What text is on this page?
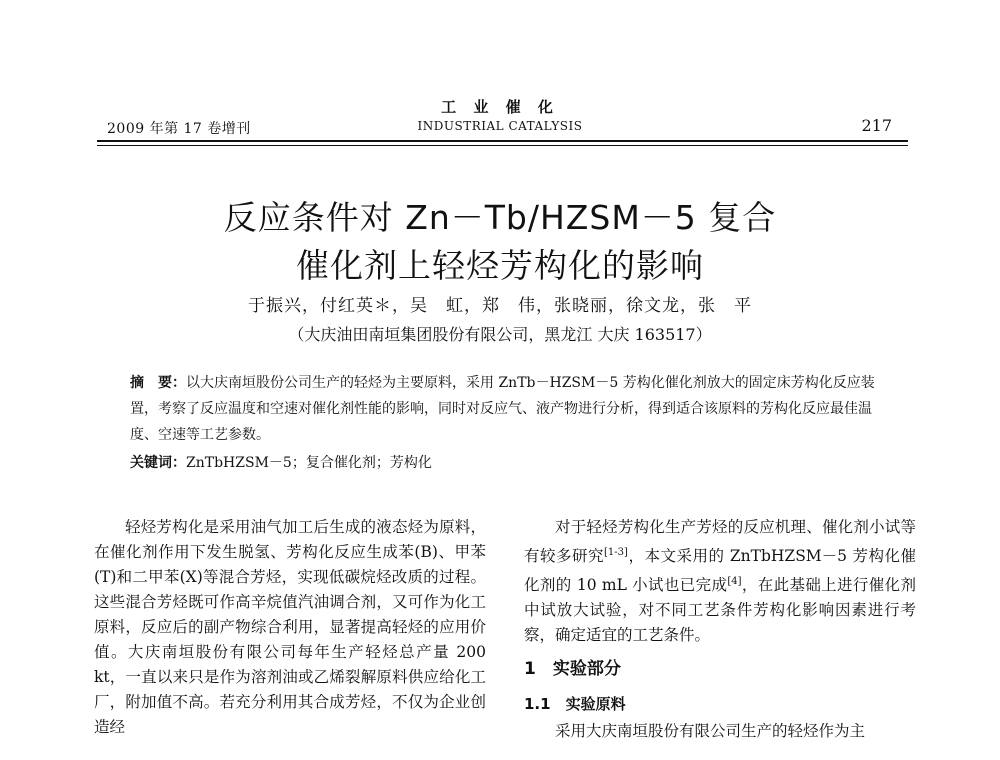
2009 年第 17 卷增刊
工 业 催 化
INDUSTRIAL CATALYSIS	217
反应条件对 Zn－Tb/HZSM－5 复合
催化剂上轻烃芳构化的影响
于振兴，付红英＊，吴　虹，郑　伟，张晓丽，徐文龙，张　平
（大庆油田南垣集团股份有限公司，黑龙江 大庆 163517）
摘　要：以大庆南垣股份公司生产的轻烃为主要原料，采用 ZnTb－HZSM－5 芳构化催化剂放大的固定床芳构化反应装置，考察了反应温度和空速对催化剂性能的影响，同时对反应气、液产物进行分析，得到适合该原料的芳构化反应最佳温度、空速等工艺参数。
关键词：ZnTbHZSM－5；复合催化剂；芳构化

轻烃芳构化是采用油气加工后生成的液态烃为原料，在催化剂作用下发生脱氢、芳构化反应生成苯(B)、甲苯(T)和二甲苯(X)等混合芳烃，实现低碳烷烃改质的过程。这些混合芳烃既可作高辛烷值汽油调合剂，又可作为化工原料，反应后的副产物综合利用，显著提高轻烃的应用价值。大庆南垣股份有限公司每年生产轻烃总产量 200 kt，一直以来只是作为溶剂油或乙烯裂解原料供应给化工厂，附加值不高。若充分利用其合成芳烃，不仅为企业创造经

对于轻烃芳构化生产芳烃的反应机理、催化剂小试等有较多研究[1-3]，本文采用的 ZnTbHZSM－5 芳构化催化剂的 10 mL 小试也已完成[4]，在此基础上进行催化剂中试放大试验，对不同工艺条件芳构化影响因素进行考察，确定适宜的工艺条件。

1　实验部分
1.1　实验原料

采用大庆南垣股份有限公司生产的轻烃作为主
